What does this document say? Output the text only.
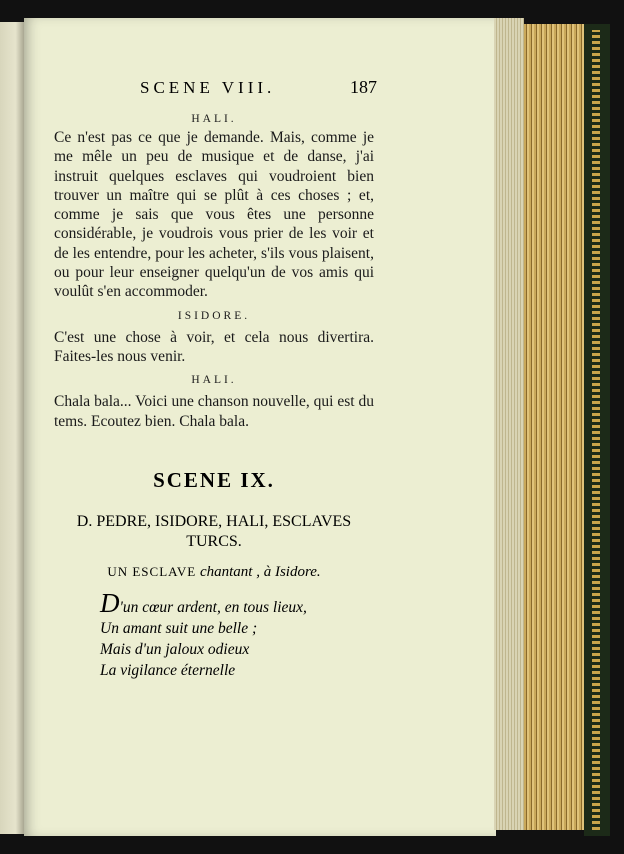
SCENE VIII.	187
HALI.

Ce n'est pas ce que je demande. Mais, comme je me mêle un peu de musique et de danse, j'ai instruit quelques esclaves qui voudroient bien trouver un maître qui se plût à ces choses ; et, comme je sais que vous êtes une personne considérable, je voudrois vous prier de les voir et de les entendre, pour les acheter, s'ils vous plaisent, ou pour leur enseigner quelqu'un de vos amis qui voulût s'en accommoder.

ISIDORE.

C'est une chose à voir, et cela nous divertira. Faites-les nous venir.

HALI.

Chala bala... Voici une chanson nouvelle, qui est du tems. Ecoutez bien. Chala bala.

SCENE IX.
D. PEDRE, ISIDORE, HALI, ESCLAVES TURCS.
UN ESCLAVE chantant , à Isidore.
D'un cœur ardent, en tous lieux,
Un amant suit une belle ;
Mais d'un jaloux odieux
La vigilance éternelle
